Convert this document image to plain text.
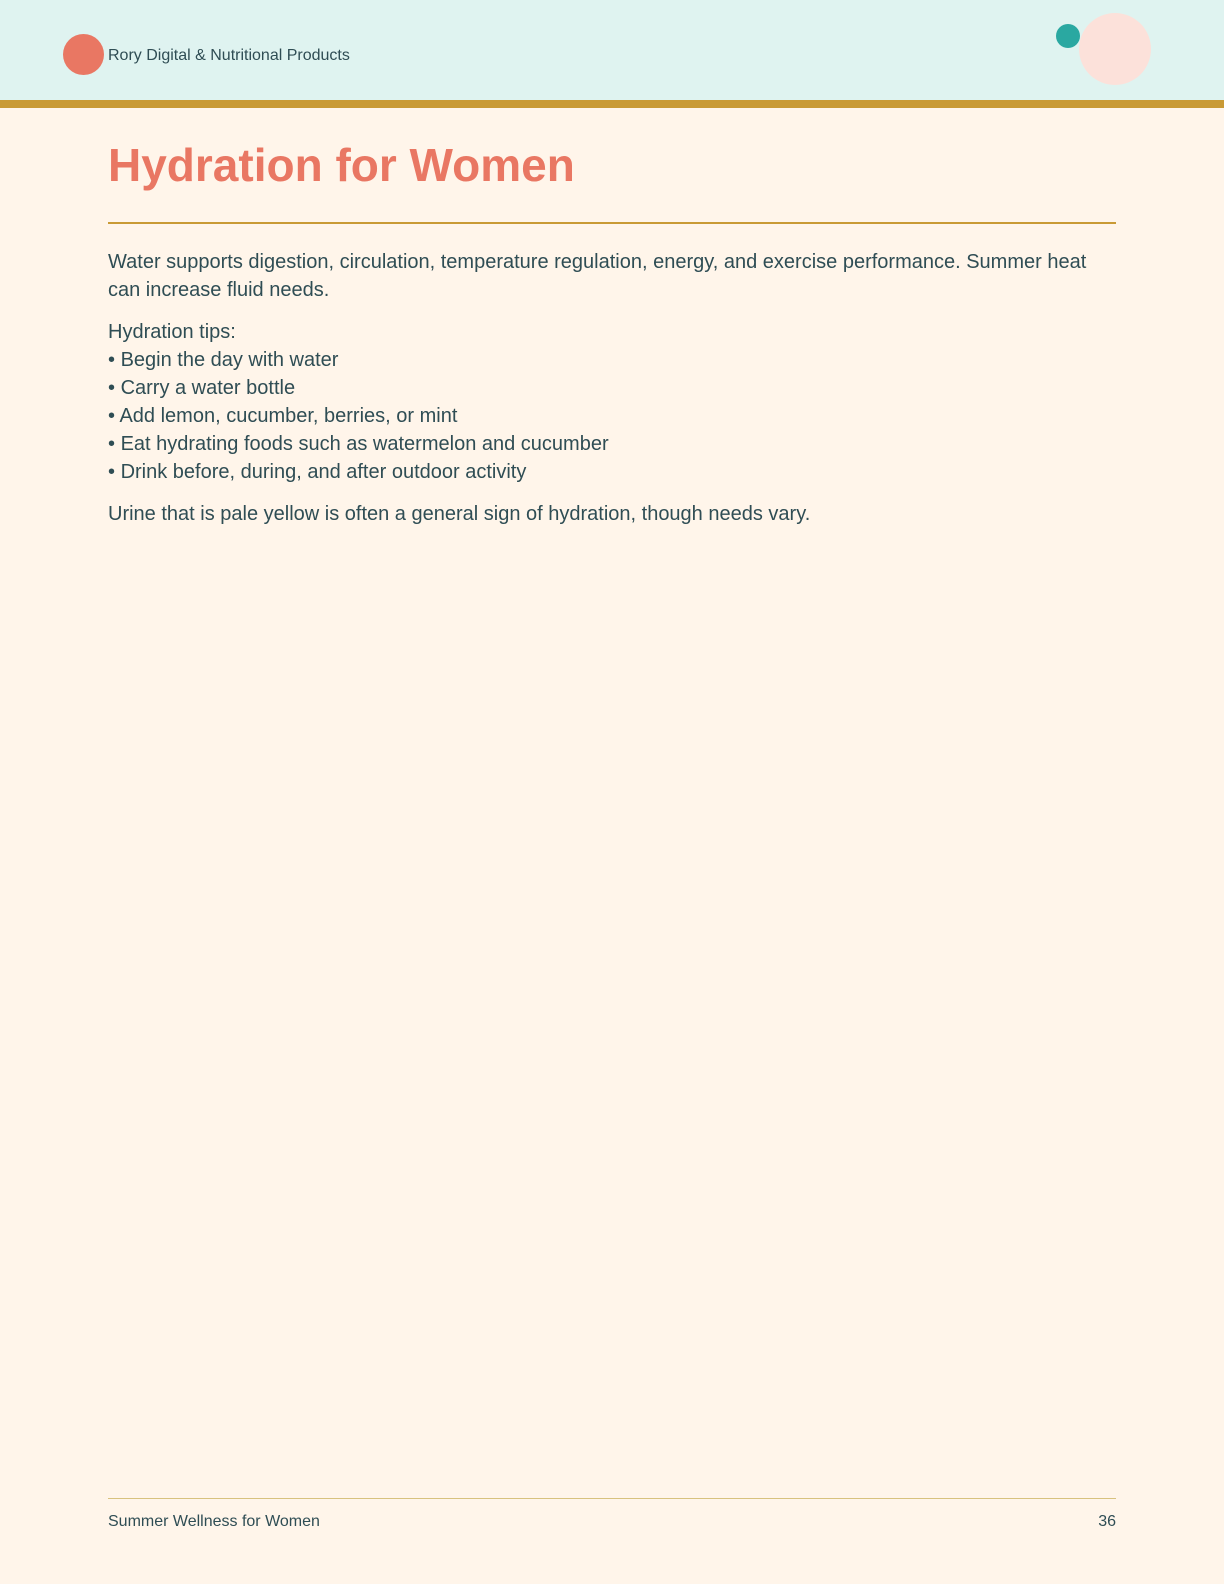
Rory Digital & Nutritional Products
Hydration for Women

Water supports digestion, circulation, temperature regulation, energy, and exercise performance. Summer heat can increase fluid needs.

Hydration tips:

• Begin the day with water
• Carry a water bottle
• Add lemon, cucumber, berries, or mint
• Eat hydrating foods such as watermelon and cucumber
• Drink before, during, and after outdoor activity

Urine that is pale yellow is often a general sign of hydration, though needs vary.

Summer Wellness for Women	36
